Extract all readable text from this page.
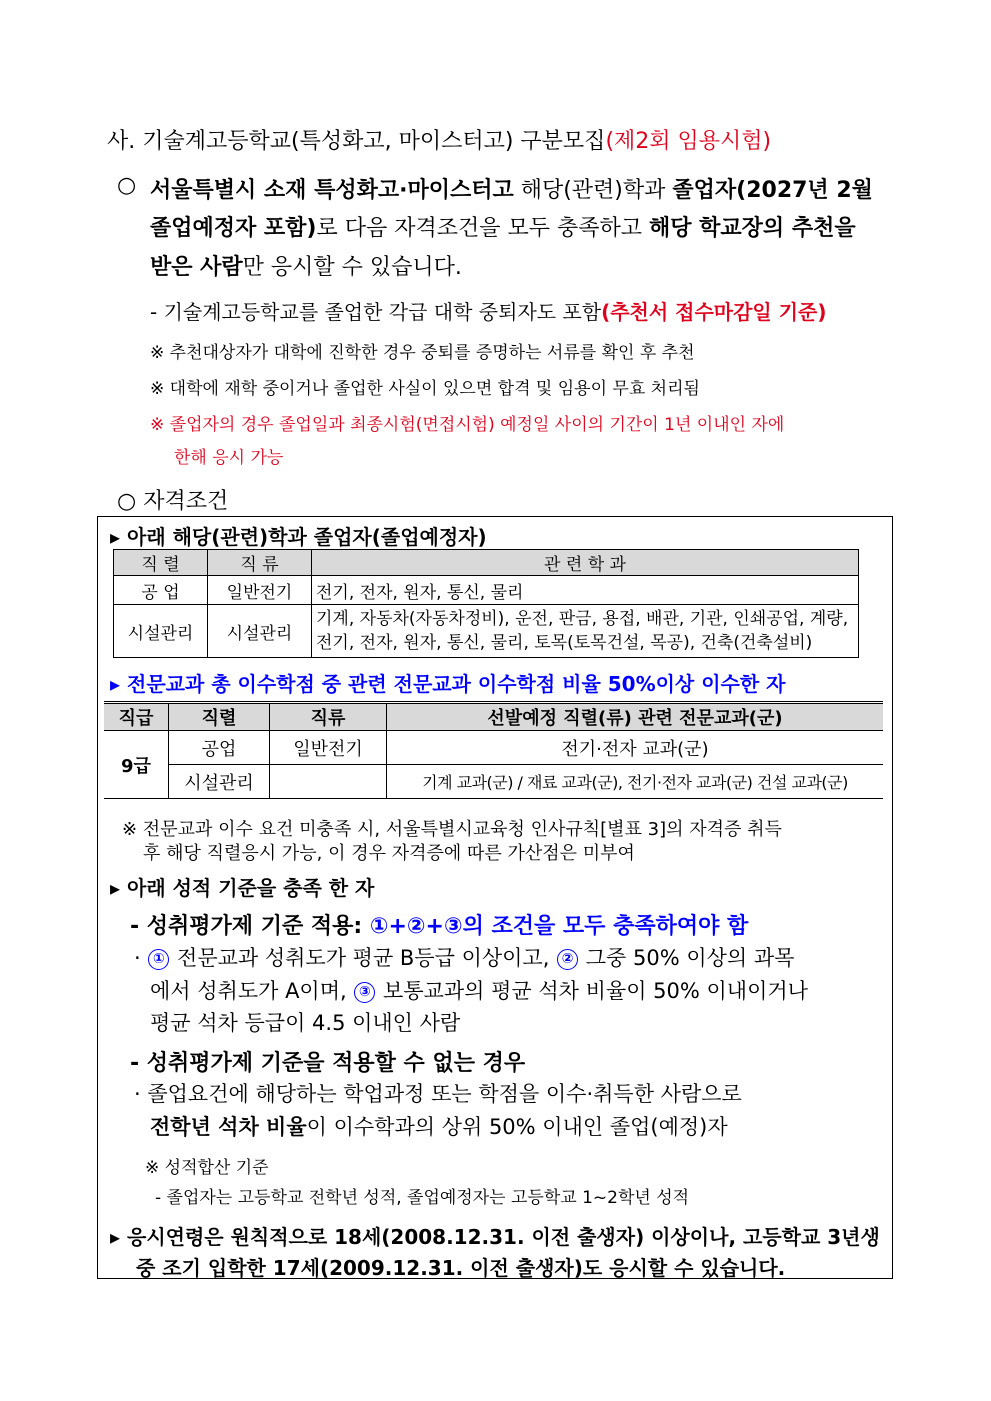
사. 기술계고등학교(특성화고, 마이스터고) 구분모집(제2회 임용시험)
○ 서울특별시 소재 특성화고·마이스터고 해당(관련)학과 졸업자(2027년 2월
졸업예정자 포함)로 다음 자격조건을 모두 충족하고 해당 학교장의 추천을
받은 사람만 응시할 수 있습니다.
- 기술계고등학교를 졸업한 각급 대학 중퇴자도 포함(추천서 접수마감일 기준)
※ 추천대상자가 대학에 진학한 경우 중퇴를 증명하는 서류를 확인 후 추천
※ 대학에 재학 중이거나 졸업한 사실이 있으면 합격 및 임용이 무효 처리됨
※ 졸업자의 경우 졸업일과 최종시험(면접시험) 예정일 사이의 기간이 1년 이내인 자에
한해 응시 가능
○ 자격조건
▸ 아래 해당(관련)학과 졸업자(졸업예정자)
직 렬	직 류	관 련 학 과
공 업	일반전기	전기, 전자, 원자, 통신, 물리
시설관리	시설관리	기계, 자동차(자동차정비), 운전, 판금, 용접, 배관, 기관, 인쇄공업, 계량,
전기, 전자, 원자, 통신, 물리, 토목(토목건설, 목공), 건축(건축설비)
▸ 전문교과 총 이수학점 중 관련 전문교과 이수학점 비율 50%이상 이수한 자
직급	직렬	직류	선발예정 직렬(류) 관련 전문교과(군)
9급	공업	일반전기	전기·전자 교과(군)
	시설관리		기계 교과(군) / 재료 교과(군), 전기·전자 교과(군) 건설 교과(군)
※ 전문교과 이수 요건 미충족 시, 서울특별시교육청 인사규칙[별표 3]의 자격증 취득
후 해당 직렬응시 가능, 이 경우 자격증에 따른 가산점은 미부여
▸ 아래 성적 기준을 충족 한 자
- 성취평가제 기준 적용: ①+②+③의 조건을 모두 충족하여야 함
· ① 전문교과 성취도가 평균 B등급 이상이고, ② 그중 50% 이상의 과목
에서 성취도가 A이며, ③ 보통교과의 평균 석차 비율이 50% 이내이거나
평균 석차 등급이 4.5 이내인 사람
- 성취평가제 기준을 적용할 수 없는 경우
· 졸업요건에 해당하는 학업과정 또는 학점을 이수·취득한 사람으로
전학년 석차 비율이 이수학과의 상위 50% 이내인 졸업(예정)자
※ 성적합산 기준
- 졸업자는 고등학교 전학년 성적, 졸업예정자는 고등학교 1~2학년 성적
▸ 응시연령은 원칙적으로 18세(2008.12.31. 이전 출생자) 이상이나, 고등학교 3년생
중 조기 입학한 17세(2009.12.31. 이전 출생자)도 응시할 수 있습니다.
